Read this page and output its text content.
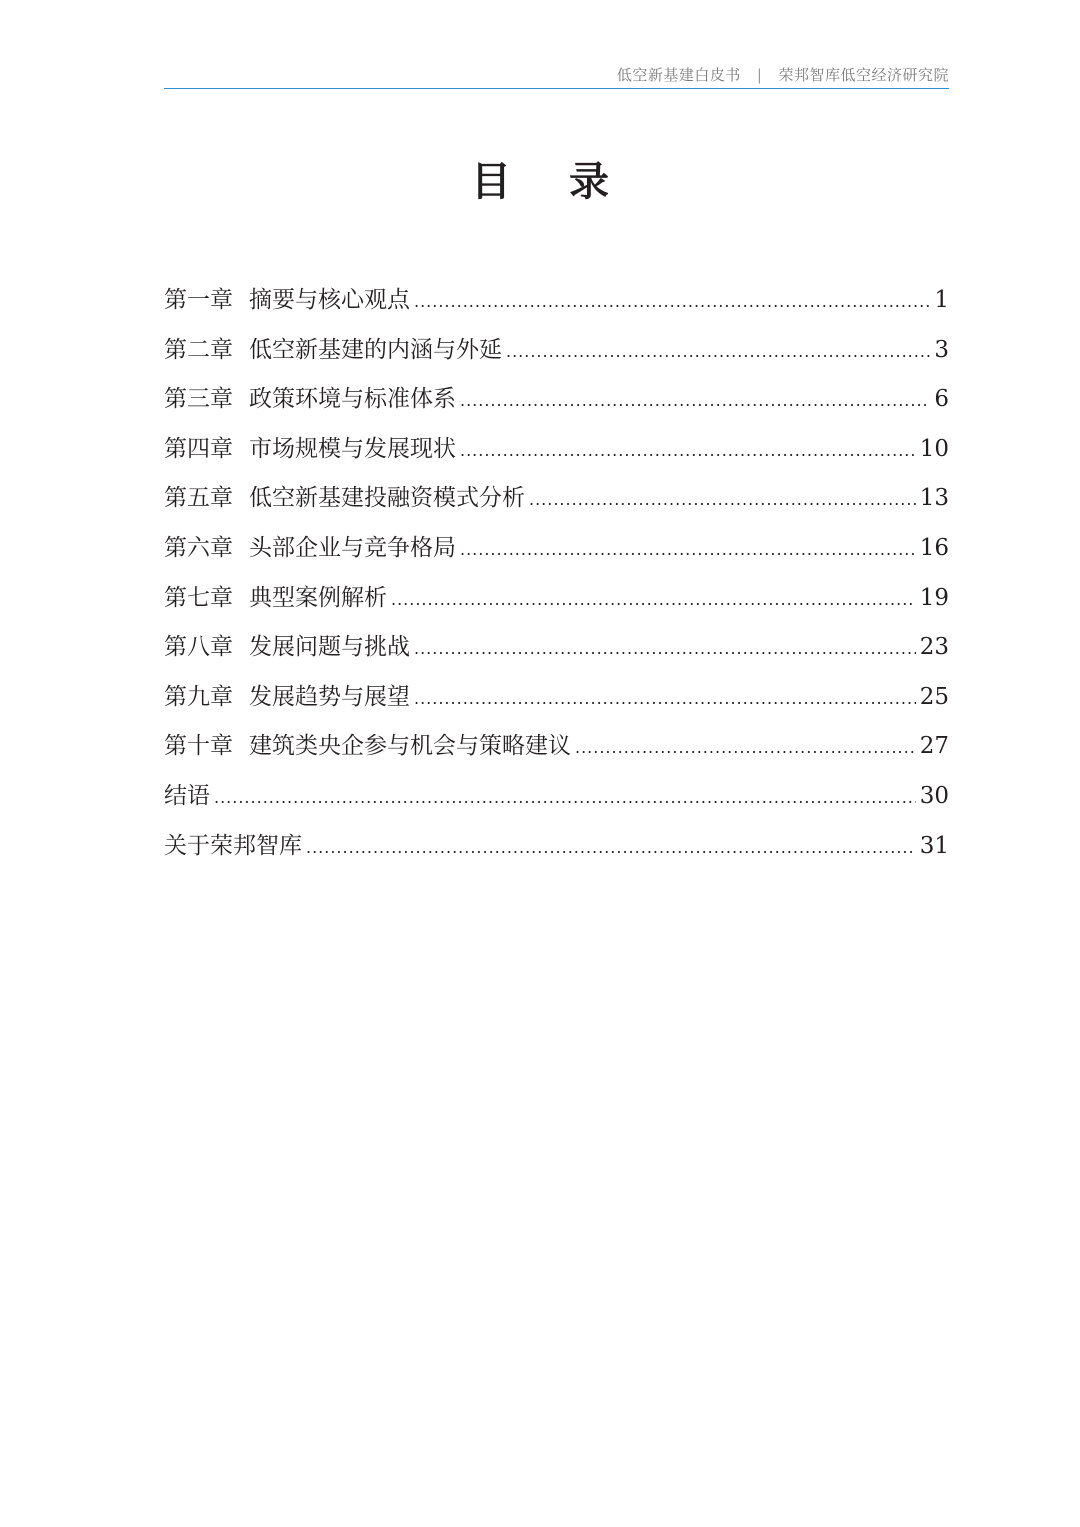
低空新基建白皮书 | 荣邦智库低空经济研究院
目 录
第一章 摘要与核心观点 .....	1
第二章 低空新基建的内涵与外延 .....	3
第三章 政策环境与标准体系 .....	6
第四章 市场规模与发展现状 .....	10
第五章 低空新基建投融资模式分析 .....	13
第六章 头部企业与竞争格局 .....	16
第七章 典型案例解析 .....	19
第八章 发展问题与挑战 .....	23
第九章 发展趋势与展望 .....	25
第十章 建筑类央企参与机会与策略建议 .....	27
结语 .....	30
关于荣邦智库 .....	31
